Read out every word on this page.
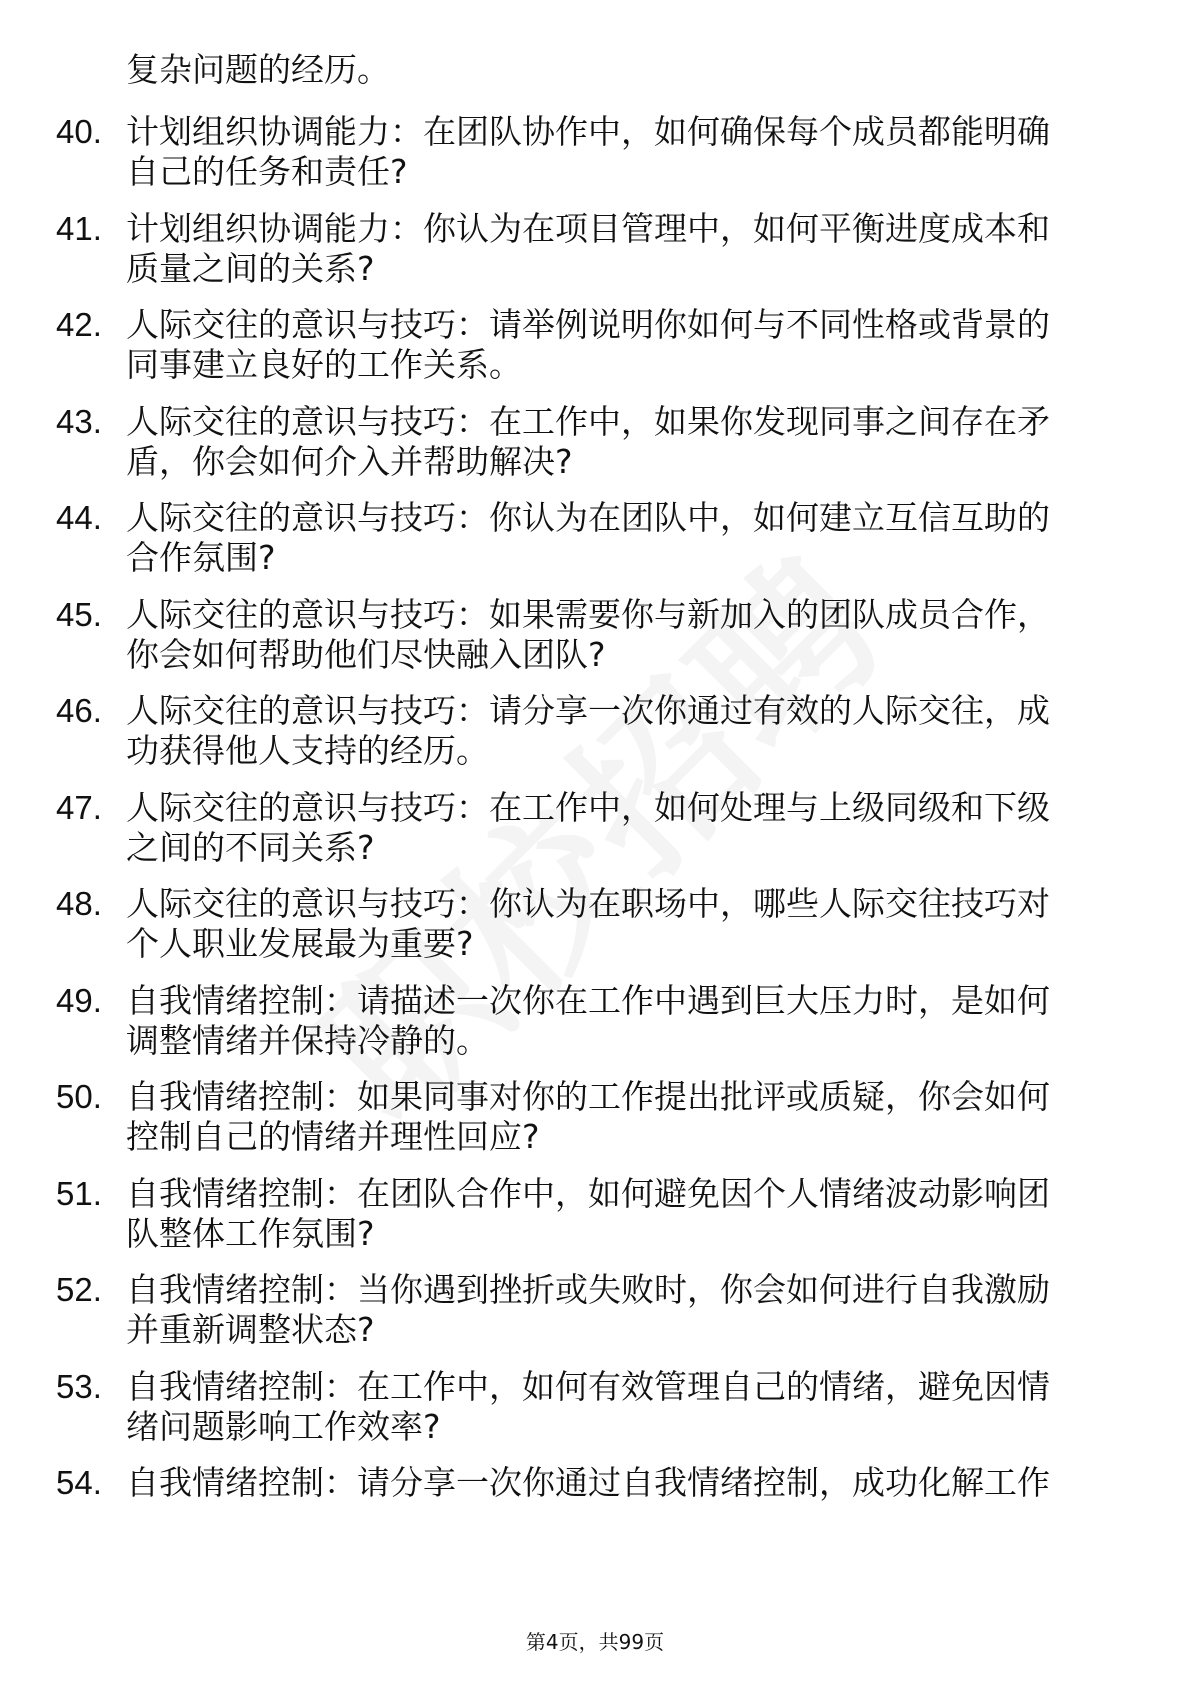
复杂问题的经历。
40. 计划组织协调能力：在团队协作中，如何确保每个成员都能明确
自己的任务和责任?
41. 计划组织协调能力：你认为在项目管理中，如何平衡进度成本和
质量之间的关系?
42. 人际交往的意识与技巧：请举例说明你如何与不同性格或背景的
同事建立良好的工作关系。
43. 人际交往的意识与技巧：在工作中，如果你发现同事之间存在矛
盾，你会如何介入并帮助解决?
44. 人际交往的意识与技巧：你认为在团队中，如何建立互信互助的
合作氛围?
45. 人际交往的意识与技巧：如果需要你与新加入的团队成员合作，
你会如何帮助他们尽快融入团队?
46. 人际交往的意识与技巧：请分享一次你通过有效的人际交往，成
功获得他人支持的经历。
47. 人际交往的意识与技巧：在工作中，如何处理与上级同级和下级
之间的不同关系?
48. 人际交往的意识与技巧：你认为在职场中，哪些人际交往技巧对
个人职业发展最为重要?
49. 自我情绪控制：请描述一次你在工作中遇到巨大压力时，是如何
调整情绪并保持冷静的。
50. 自我情绪控制：如果同事对你的工作提出批评或质疑，你会如何
控制自己的情绪并理性回应?
51. 自我情绪控制：在团队合作中，如何避免因个人情绪波动影响团
队整体工作氛围?
52. 自我情绪控制：当你遇到挫折或失败时，你会如何进行自我激励
并重新调整状态?
53. 自我情绪控制：在工作中，如何有效管理自己的情绪，避免因情
绪问题影响工作效率?
54. 自我情绪控制：请分享一次你通过自我情绪控制，成功化解工作
第4页，共99页
